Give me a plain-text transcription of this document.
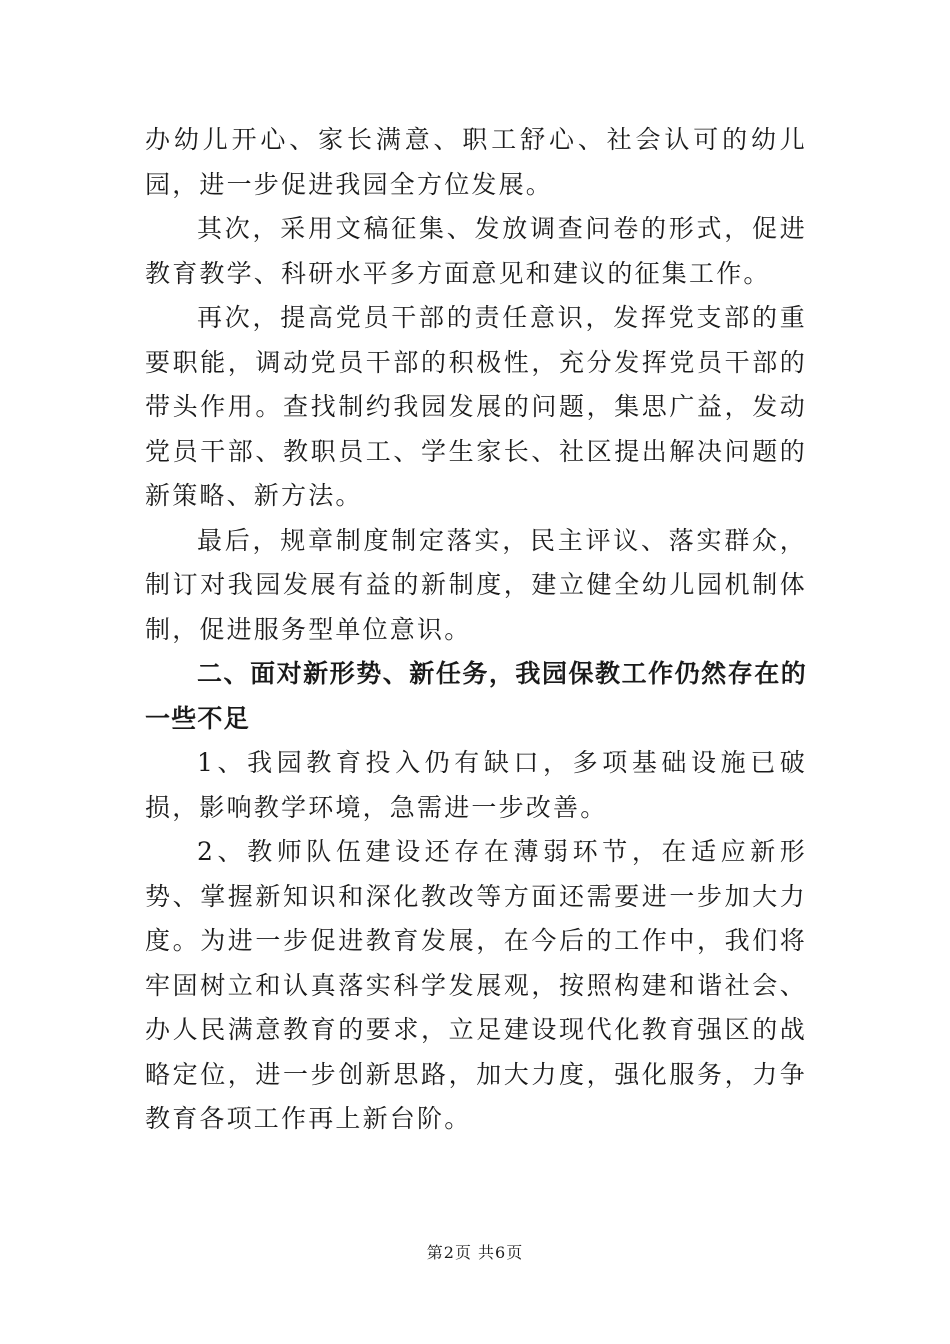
办幼儿开心、家长满意、职工舒心、社会认可的幼儿园，进一步促进我园全方位发展。

其次，采用文稿征集、发放调查问卷的形式，促进教育教学、科研水平多方面意见和建议的征集工作。

再次，提高党员干部的责任意识，发挥党支部的重要职能，调动党员干部的积极性，充分发挥党员干部的带头作用。查找制约我园发展的问题，集思广益，发动党员干部、教职员工、学生家长、社区提出解决问题的新策略、新方法。

最后，规章制度制定落实，民主评议、落实群众，制订对我园发展有益的新制度，建立健全幼儿园机制体制，促进服务型单位意识。

二、面对新形势、新任务，我园保教工作仍然存在的一些不足

1、我园教育投入仍有缺口，多项基础设施已破损，影响教学环境，急需进一步改善。

2、教师队伍建设还存在薄弱环节，在适应新形势、掌握新知识和深化教改等方面还需要进一步加大力度。为进一步促进教育发展，在今后的工作中，我们将牢固树立和认真落实科学发展观，按照构建和谐社会、办人民满意教育的要求，立足建设现代化教育强区的战略定位，进一步创新思路，加大力度，强化服务，力争教育各项工作再上新台阶。

第2页 共6页
